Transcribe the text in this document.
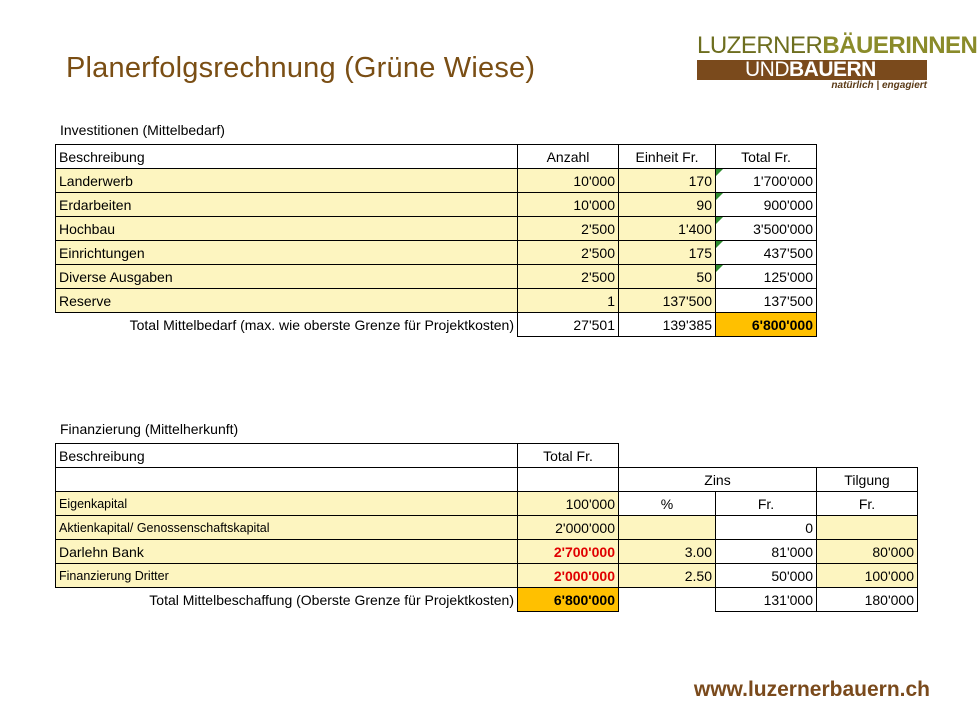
Planerfolgsrechnung (Grüne Wiese)
LUZERNERBÄUERINNEN
UNDBAUERN
natürlich | engagiert
Investitionen (Mittelbedarf)
Beschreibung	Anzahl	Einheit Fr.	Total Fr.
Landerwerb	10'000	170	1'700'000
Erdarbeiten	10'000	90	900'000
Hochbau	2'500	1'400	3'500'000
Einrichtungen	2'500	175	437'500
Diverse Ausgaben	2'500	50	125'000
Reserve	1	137'500	137'500
Total Mittelbedarf (max. wie oberste Grenze für Projektkosten)	27'501	139'385	6'800'000
Finanzierung (Mittelherkunft)
Beschreibung	Total Fr.			
		Zins		Tilgung
Eigenkapital	100'000	%	Fr.	Fr.
Aktienkapital/ Genossenschaftskapital	2'000'000		0	
Darlehn Bank	2'700'000	3.00	81'000	80'000
Finanzierung Dritter	2'000'000	2.50	50'000	100'000
Total Mittelbeschaffung (Oberste Grenze für Projektkosten)	6'800'000		131'000	180'000
www.luzernerbauern.ch
